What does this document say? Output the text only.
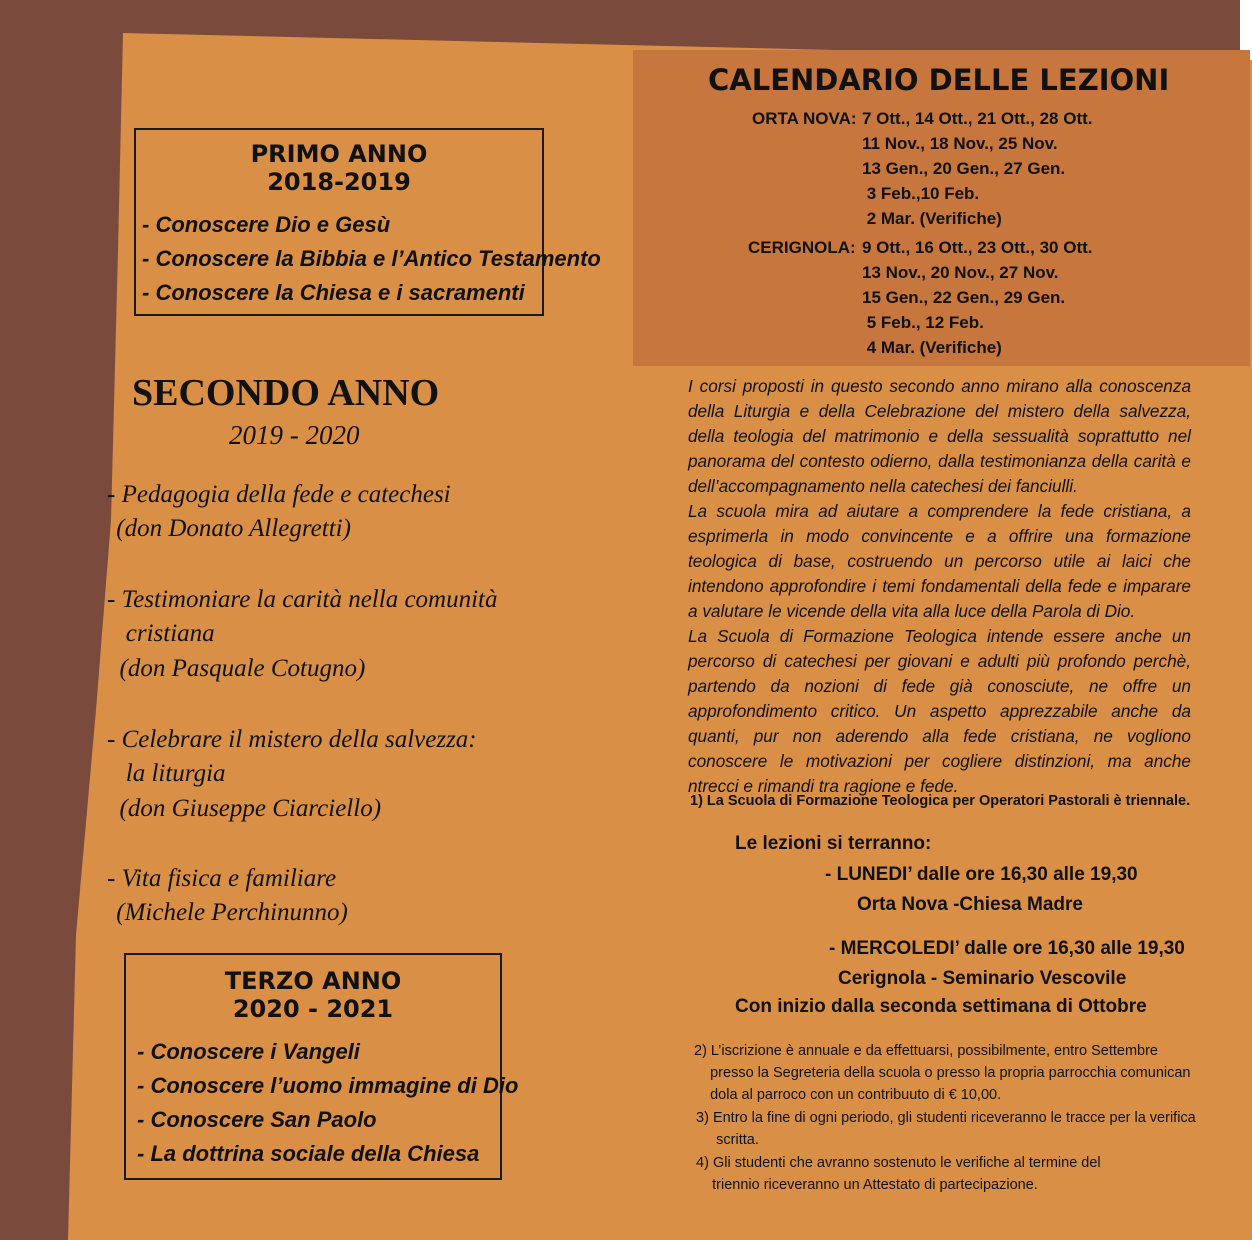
PRIMO ANNO
2018-2019
- Conoscere Dio e Gesù
- Conoscere la Bibbia e l’Antico Testamento
- Conoscere la Chiesa e i sacramenti
SECONDO ANNO
2019 - 2020
- Pedagogia della fede e catechesi
(don Donato Allegretti)
- Testimoniare la carità nella comunità
cristiana
(don Pasquale Cotugno)
- Celebrare il mistero della salvezza:
la liturgia
(don Giuseppe Ciarciello)
- Vita fisica e familiare
(Michele Perchinunno)
TERZO ANNO
2020 - 2021
- Conoscere i Vangeli
- Conoscere l’uomo immagine di Dio
- Conoscere San Paolo
- La dottrina sociale della Chiesa
CALENDARIO DELLE LEZIONI
ORTA NOVA: 7 Ott., 14 Ott., 21 Ott., 28 Ott.
11 Nov., 18 Nov., 25 Nov.
13 Gen., 20 Gen., 27 Gen.
3 Feb.,10 Feb.
2 Mar. (Verifiche)
CERIGNOLA: 9 Ott., 16 Ott., 23 Ott., 30 Ott.
13 Nov., 20 Nov., 27 Nov.
15 Gen., 22 Gen., 29 Gen.
5 Feb., 12 Feb.
4 Mar. (Verifiche)

I corsi proposti in questo secondo anno mirano alla conoscenza della Liturgia e della Celebrazione del mistero della salvezza, della teologia del matrimonio e della sessualità soprattutto nel panorama del contesto odierno, dalla testimonianza della carità e dell’accompagnamento nella catechesi dei fanciulli.

La scuola mira ad aiutare a comprendere la fede cristiana, a esprimerla in modo convincente e a offrire una formazione teologica di base, costruendo un percorso utile ai laici che intendono approfondire i temi fondamentali della fede e imparare a valutare le vicende della vita alla luce della Parola di Dio.

La Scuola di Formazione Teologica intende essere anche un percorso di catechesi per giovani e adulti più profondo perchè, partendo da nozioni di fede già conosciute, ne offre un approfondimento critico. Un aspetto apprezzabile anche da quanti, pur non aderendo alla fede cristiana, ne vogliono conoscere le motivazioni per cogliere distinzioni, ma anche ntrecci e rimandi tra ragione e fede.

1) La Scuola di Formazione Teologica per Operatori Pastorali è triennale.
Le lezioni si terranno:
- LUNEDI’ dalle ore 16,30 alle 19,30
Orta Nova -Chiesa Madre
- MERCOLEDI’ dalle ore 16,30 alle 19,30
Cerignola - Seminario Vescovile
Con inizio dalla seconda settimana di Ottobre
2) L’iscrizione è annuale e da effettuarsi, possibilmente, entro Settembre
presso la Segreteria della scuola o presso la propria parrocchia comunican
dola al parroco con un contribuuto di € 10,00.
3) Entro la fine di ogni periodo, gli studenti riceveranno le tracce per la verifica
scritta.
4) Gli studenti che avranno sostenuto le verifiche al termine del
triennio riceveranno un Attestato di partecipazione.
